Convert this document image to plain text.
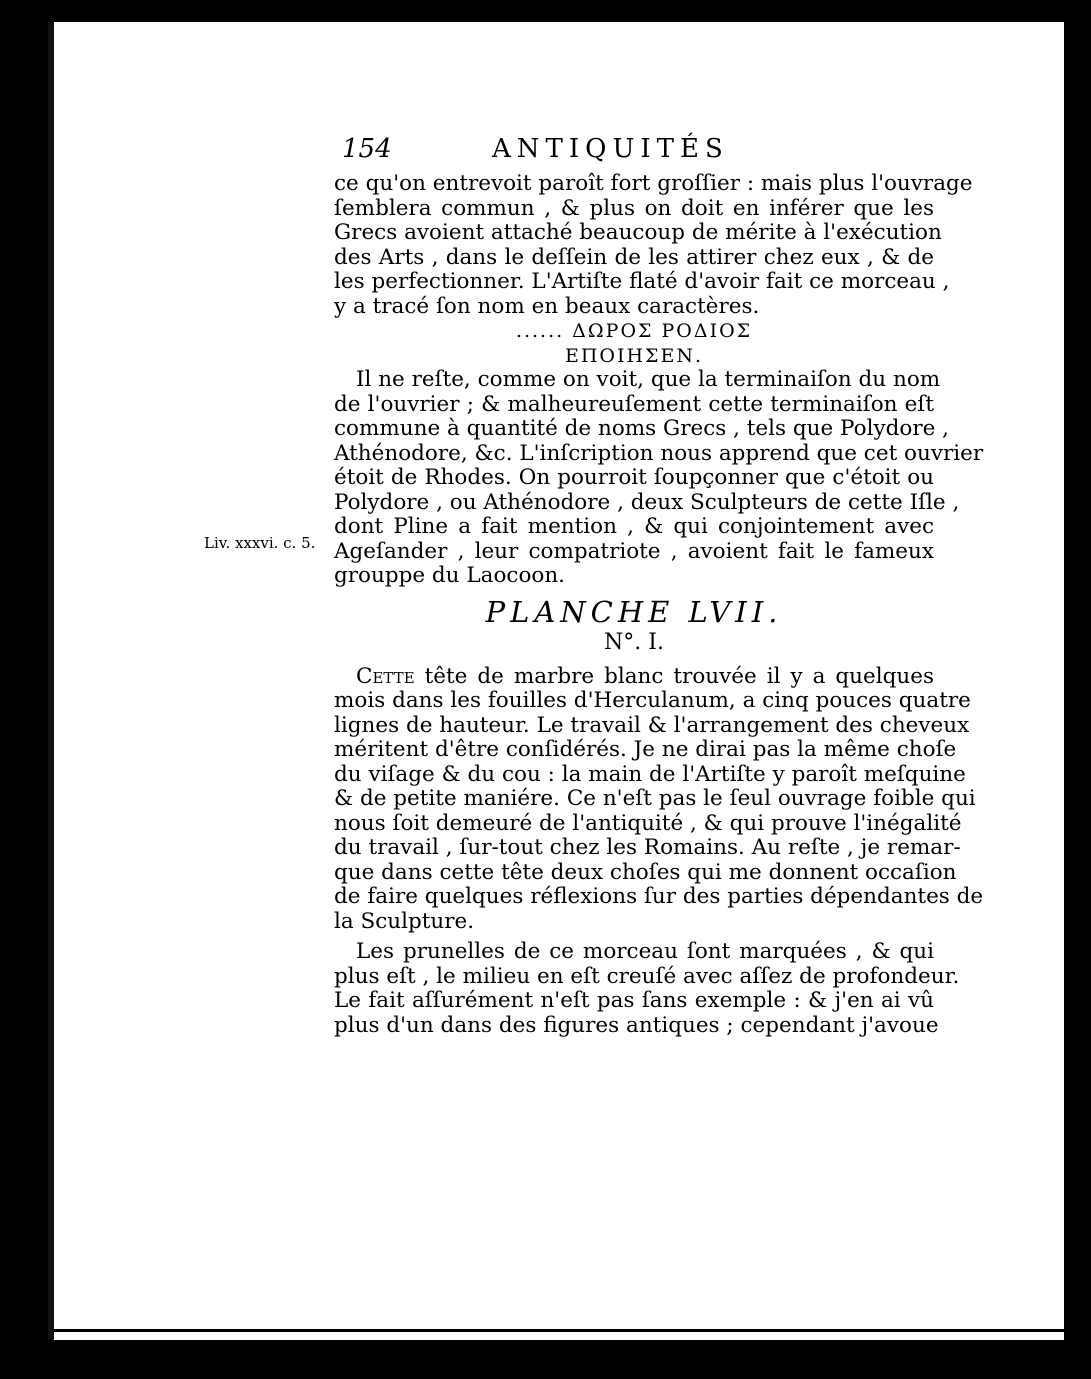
154	ANTIQUITÉS
Liv. xxxvi. c. 5.
ce qu'on entrevoit paroît fort groſſier : mais plus l'ouvrage
ſemblera commun , & plus on doit en inférer que les
Grecs avoient attaché beaucoup de mérite à l'exécution
des Arts , dans le deſſein de les attirer chez eux , & de
les perfectionner. L'Artiſte flaté d'avoir fait ce morceau ,
y a tracé ſon nom en beaux caractères.
...... ΔΩΡΟΣ ΡΟΔΙΟΣ
ΕΠΟΙΗΣΕΝ.
Il ne reſte, comme on voit, que la terminaiſon du nom
de l'ouvrier ; & malheureuſement cette terminaiſon eſt
commune à quantité de noms Grecs , tels que Polydore ,
Athénodore, &c. L'inſcription nous apprend que cet ouvrier
étoit de Rhodes. On pourroit ſoupçonner que c'étoit ou
Polydore , ou Athénodore , deux Sculpteurs de cette Iſle ,
dont Pline a fait mention , & qui conjointement avec
Ageſander , leur compatriote , avoient fait le fameux
grouppe du Laocoon.
PLANCHE LVII.
N°. I.
Cette tête de marbre blanc trouvée il y a quelques
mois dans les fouilles d'Herculanum, a cinq pouces quatre
lignes de hauteur. Le travail & l'arrangement des cheveux
méritent d'être conſidérés. Je ne dirai pas la même choſe
du viſage & du cou : la main de l'Artiſte y paroît meſquine
& de petite maniére. Ce n'eſt pas le ſeul ouvrage foible qui
nous ſoit demeuré de l'antiquité , & qui prouve l'inégalité
du travail , ſur-tout chez les Romains. Au reſte , je remar-
que dans cette tête deux choſes qui me donnent occaſion
de faire quelques réflexions ſur des parties dépendantes de
la Sculpture.
Les prunelles de ce morceau ſont marquées , & qui
plus eſt , le milieu en eſt creuſé avec aſſez de profondeur.
Le fait aſſurément n'eſt pas ſans exemple : & j'en ai vû
plus d'un dans des figures antiques ; cependant j'avoue
